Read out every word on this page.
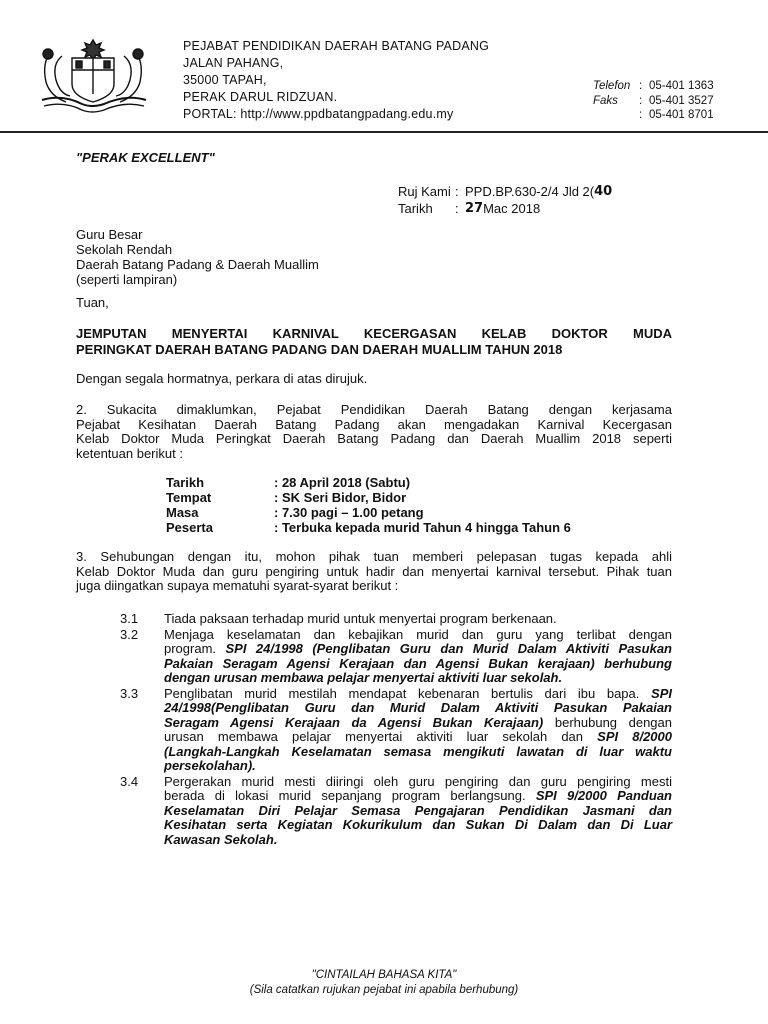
PEJABAT PENDIDIKAN DAERAH BATANG PADANG
JALAN PAHANG,
35000 TAPAH,
PERAK DARUL RIDZUAN.
PORTAL: http://www.ppdbatangpadang.edu.my
Telefon : 05-401 1363
Faks	: 05-401 3527
: 05-401 8701
"PERAK EXCELLENT"
Ruj Kami : PPD.BP.630-2/4 Jld 2( 40
Tarikh	: 27 Mac 2018
Guru Besar
Sekolah Rendah
Daerah Batang Padang & Daerah Muallim
(seperti lampiran)
Tuan,
JEMPUTAN MENYERTAI KARNIVAL KECERGASAN KELAB DOKTOR MUDA
PERINGKAT DAERAH BATANG PADANG DAN DAERAH MUALLIM TAHUN 2018
Dengan segala hormatnya, perkara di atas dirujuk.
2. Sukacita dimaklumkan, Pejabat Pendidikan Daerah Batang dengan kerjasama
Pejabat Kesihatan Daerah Batang Padang akan mengadakan Karnival Kecergasan
Kelab Doktor Muda Peringkat Daerah Batang Padang dan Daerah Muallim 2018 seperti
ketentuan berikut :
Tarikh	: 28 April 2018 (Sabtu)
Tempat	: SK Seri Bidor, Bidor
Masa	: 7.30 pagi – 1.00 petang
Peserta	: Terbuka kepada murid Tahun 4 hingga Tahun 6
3. Sehubungan dengan itu, mohon pihak tuan memberi pelepasan tugas kepada ahli
Kelab Doktor Muda dan guru pengiring untuk hadir dan menyertai karnival tersebut. Pihak tuan
juga diingatkan supaya mematuhi syarat-syarat berikut :
3.1	Tiada paksaan terhadap murid untuk menyertai program berkenaan.
3.2	Menjaga keselamatan dan kebajikan murid dan guru yang terlibat dengan
program. SPI 24/1998 (Penglibatan Guru dan Murid Dalam Aktiviti Pasukan
Pakaian Seragam Agensi Kerajaan dan Agensi Bukan kerajaan) berhubung
dengan urusan membawa pelajar menyertai aktiviti luar sekolah.
3.3	Penglibatan murid mestilah mendapat kebenaran bertulis dari ibu bapa. SPI
24/1998(Penglibatan Guru dan Murid Dalam Aktiviti Pasukan Pakaian
Seragam Agensi Kerajaan da Agensi Bukan Kerajaan) berhubung dengan
urusan membawa pelajar menyertai aktiviti luar sekolah dan SPI 8/2000
(Langkah-Langkah Keselamatan semasa mengikuti lawatan di luar waktu
persekolahan).
3.4	Pergerakan murid mesti diiringi oleh guru pengiring dan guru pengiring mesti
berada di lokasi murid sepanjang program berlangsung. SPI 9/2000 Panduan
Keselamatan Diri Pelajar Semasa Pengajaran Pendidikan Jasmani dan
Kesihatan serta Kegiatan Kokurikulum dan Sukan Di Dalam dan Di Luar
Kawasan Sekolah.
"CINTAILAH BAHASA KITA"
(Sila catatkan rujukan pejabat ini apabila berhubung)
